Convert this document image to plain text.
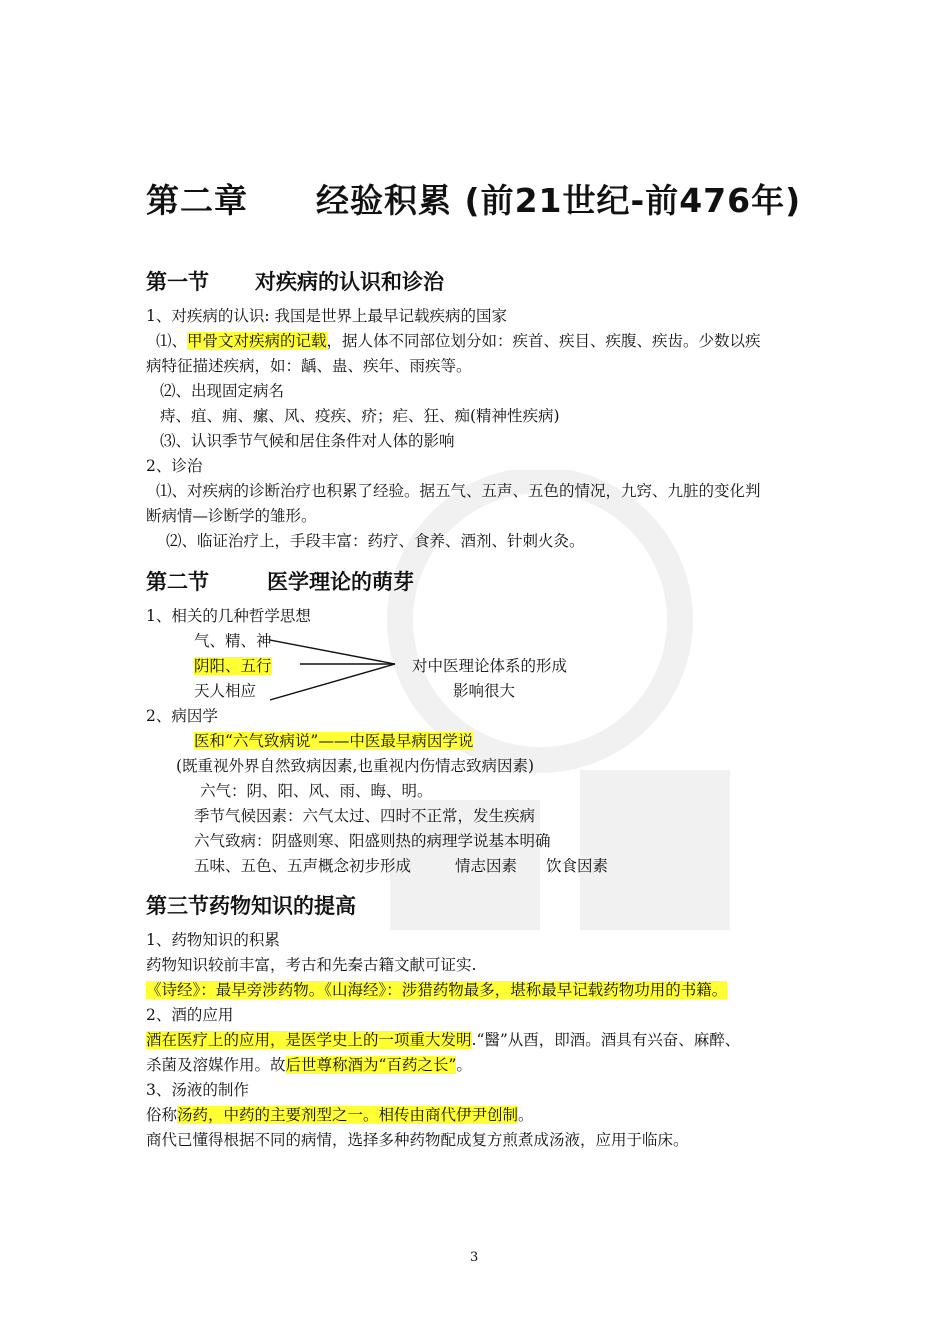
第二章 经验积累 (前21世纪-前476年)
第一节 对疾病的认识和诊治
1、对疾病的认识: 我国是世界上最早记载疾病的国家
⑴、甲骨文对疾病的记载，据人体不同部位划分如：疾首、疾目、疾腹、疾齿。少数以疾
病特征描述疾病，如：龋、蛊、疾年、雨疾等。
⑵、出现固定病名
痔、疽、痈、瘰、风、疫疾、疥；疟、狂、痴(精神性疾病)
⑶、认识季节气候和居住条件对人体的影响
2、诊治
⑴、对疾病的诊断治疗也积累了经验。据五气、五声、五色的情况，九窍、九脏的变化判
断病情—诊断学的雏形。
⑵、临证治疗上，手段丰富：药疗、食养、酒剂、针刺火灸。
第二节	医学理论的萌芽
1、相关的几种哲学思想
气、精、神
阴阳、五行
天人相应
对中医理论体系的形成
影响很大
2、病因学
医和“六气致病说”——中医最早病因学说
(既重视外界自然致病因素,也重视内伤情志致病因素)
六气：阴、阳、风、雨、晦、明。
季节气候因素：六气太过、四时不正常，发生疾病
六气致病：阴盛则寒、阳盛则热的病理学说基本明确
五味、五色、五声概念初步形成	情志因素 饮食因素
第三节药物知识的提高
1、药物知识的积累
药物知识较前丰富，考古和先秦古籍文献可证实.
《诗经》：最早旁涉药物。《山海经》：涉猎药物最多，堪称最早记载药物功用的书籍。
2、酒的应用
酒在医疗上的应用，是医学史上的一项重大发明.“醫”从酉，即酒。酒具有兴奋、麻醉、
杀菌及溶媒作用。故后世尊称酒为“百药之长”。
3、汤液的制作
俗称汤药，中药的主要剂型之一。相传由商代伊尹创制。
商代已懂得根据不同的病情，选择多种药物配成复方煎煮成汤液，应用于临床。
3
